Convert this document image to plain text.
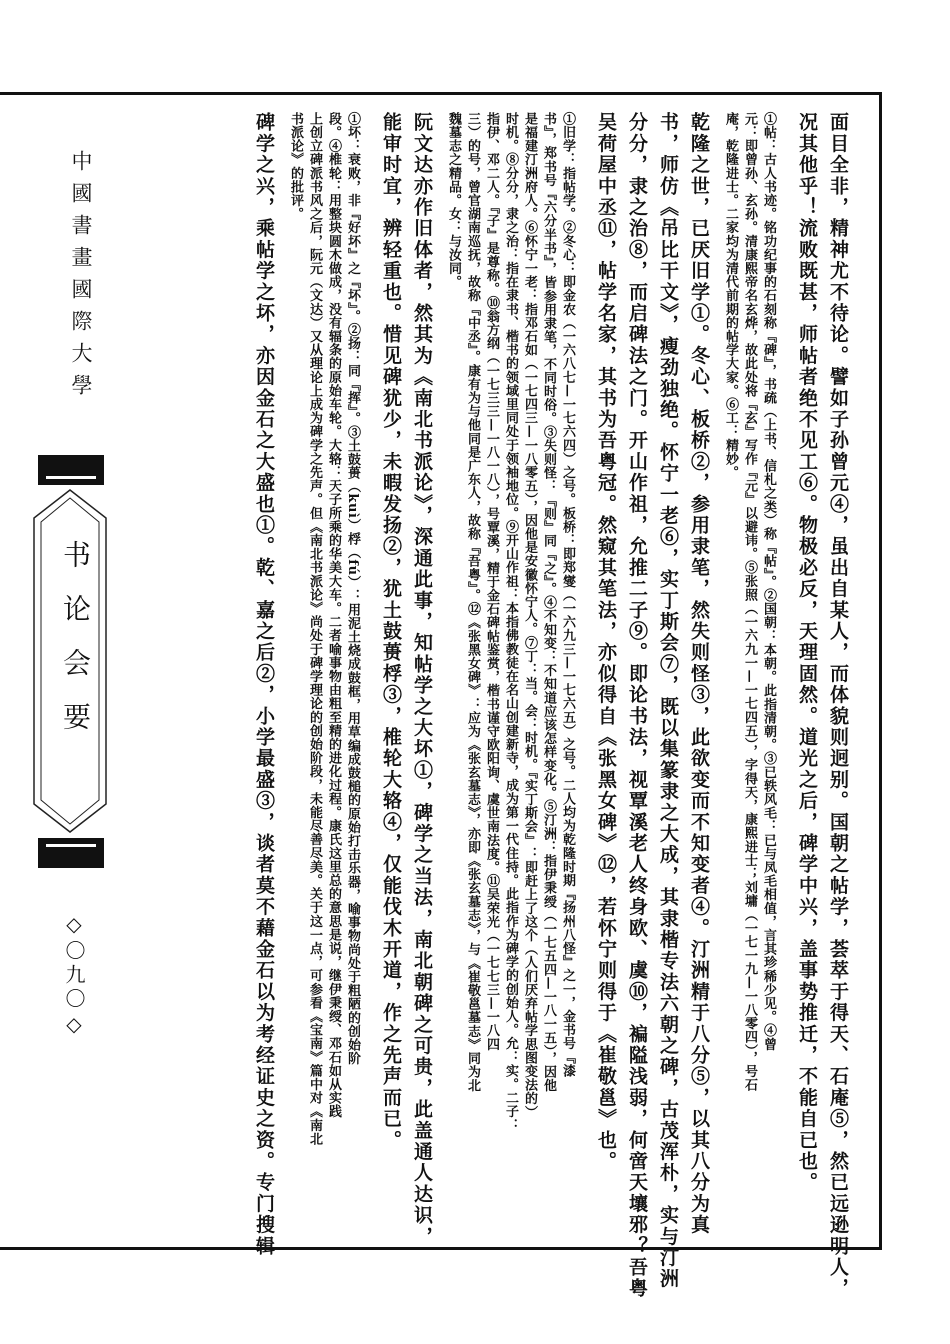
中國書畫國際大學
书论会要
◇〇九〇◇	面目全非，精神尤不待论。譬如子孙曾元④，虽出自某人，而体貌则迥别。国朝之帖学，荟萃于得天、石庵⑤，然已远逊明人，
况其他乎！流败既甚，师帖者绝不见工⑥。物极必反，天理固然。道光之后，碑学中兴，盖事势推迁，不能自已也。
①帖：古人书迹。铭功纪事的石刻称『碑』，书疏（上书、信札之类）称『帖』。②国朝：本朝。此指清朝。③已轶风毛：已与凤毛相值，言其珍稀少见。④曾
元：即曾孙、玄孙。清康熙帝名玄烨，故此处将『玄』写作『元』以避讳。⑤张照（一六九一—一七四五），字得天，康熙进士；刘墉（一七一九—一八零四），号石
庵，乾隆进士。二家均为清代前期的帖学大家。⑥工：精妙。
乾隆之世，已厌旧学①。冬心、板桥②，参用隶笔，然失则怪③，此欲变而不知变者④。汀洲精于八分⑤，以其八分为真
书，师仿《吊比干文》，瘦劲独绝。怀宁一老⑥，实丁斯会⑦，既以集篆隶之大成，其隶楷专法六朝之碑，古茂浑朴，实与汀洲
分分，隶之治⑧，而启碑法之门。开山作祖，允推二子⑨。即论书法，视覃溪老人终身欧、虞⑩，褊隘浅弱，何啻天壤邪？吾粤
吴荷屋中丞⑪，帖学名家，其书为吾粤冠。然窥其笔法，亦似得自《张黑女碑》⑫，若怀宁则得于《崔敬邕》也。
①旧学：指帖学。②冬心：即金农（一六八七—一七六四）之号。板桥：即郑燮（一六九三—一七六五）之号。二人均为乾隆时期『扬州八怪』之一，金书号『漆
书』，郑书号『六分半书』，皆参用隶笔，不同时俗。③失则怪：『则』同『之』。④不知变：不知道应该怎样变化。⑤汀洲：指伊秉绶（一七五四—一八一五），因他
是福建汀洲府人。⑥怀宁一老：指邓石如（一七四三—一八零五），因他是安徽怀宁人。⑦丁：当。会：时机。『实丁斯会』：即赶上了这个（人们厌弃帖学思图变法的）
时机。⑧分分，隶之治：指在隶书、楷书的领域里同处于领袖地位。⑨开山作祖：本指佛教徒在名山创建新寺，成为第一代住持。此指作为碑学的创始人。允：实。二子：
指伊、邓二人。『子』是尊称。⑩翁方纲（一七三三—一八一八），号覃溪，精于金石碑帖鉴赏，楷书谨守欧阳询、虞世南法度。⑪吴荣光（一七七三—一八四
三）的号，曾官湖南巡抚，故称『中丞』。康有为与他同是广东人，故称『吾粤』。⑫《张黑女碑》：应为《张玄墓志》，亦即《张玄墓志》，与《崔敬邕墓志》同为北
魏墓志之精品。女：与汝同。
阮文达亦作旧体者，然其为《南北书派论》，深通此事，知帖学之大坏①，碑学之当法，南北朝碑之可贵，此盖通人达识，
能审时宜，辨轻重也。惜见碑犹少，未暇发扬②，犹土鼓蒉桴③，椎轮大辂④，仅能伐木开道，作之先声而已。
①坏：衰败，非『好坏』之『坏』。②扬：同『挥』。③土鼓蒉（kuì）桴（fú）：用泥土烧成鼓框，用草编成鼓槌的原始打击乐器，喻事物尚处于粗陋的创始阶
段。④椎轮：用整块圆木做成，没有辐条的原始车轮。大辂：天子所乘的华美大车。二者喻事物由粗至精的进化过程。康氏这里总的意思是说，继伊秉绶、邓石如从实践
上创立碑派书风之后，阮元（文达）又从理论上成为碑学之先声。但《南北书派论》尚处于碑学理论的创始阶段，未能尽善尽美。关于这一点，可参看《宝南》篇中对《南北
书派论》的批评。
碑学之兴，乘帖学之坏，亦因金石之大盛也①。乾、嘉之后②，小学最盛③，谈者莫不藉金石以为考经证史之资。专门搜辑
